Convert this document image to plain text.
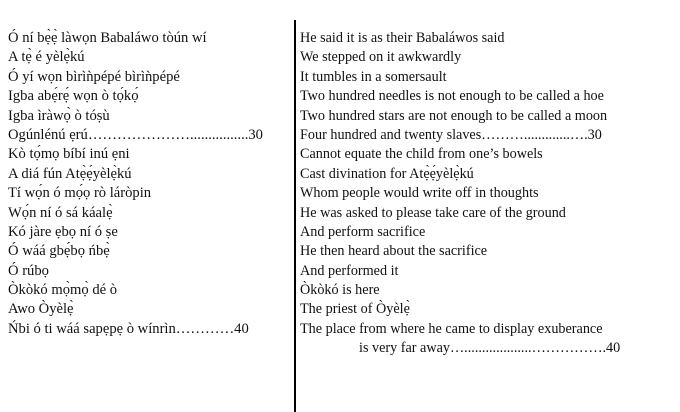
Ó ní bẹ̀ẹ̀ làwọn Babaláwo tòún wí
A tẹ̀ é yèlẹ̀kú
Ó yí wọn bìrìǹpépé bìrìǹpépé
Igba abẹ́rẹ́ wọn ò tọ́kọ́
Igba ìràwọ̀ ò tóṣù
Ogúnlénú ẹrú…………………................30
Kò tọ́mọ bíbí inú ẹni
A diá fún Atẹ̀ẹ́yèlẹ̀kú
Tí wọ́n ó mọ́ọ rò láròpin
Wọ́n ní ó sá káalẹ̀
Kó jàre ẹbọ ní ó ṣe
Ó wáá gbẹ́bọ ńbẹ̀
Ó rúbọ
Òkòkó mọ̀mọ̀ dé ò
Awo Òyèlẹ̀
Ńbi ó ti wáá sapẹpẹ ò wínrìn…………40
He said it is as their Babaláwos said
We stepped on it awkwardly
It tumbles in a somersault
Two hundred needles is not enough to be called a hoe
Two hundred stars are not enough to be called a moon
Four hundred and twenty slaves……….............….30
Cannot equate the child from one’s bowels
Cast divination for Atẹ̀ẹ́yèlẹ̀kú
Whom people would write off in thoughts
He was asked to please take care of the ground
And perform sacrifice
He then heard about the sacrifice
And performed it
Òkòkó is here
The priest of Òyèlẹ̀
The place from where he came to display exuberance
is very far away…...................…………….40
